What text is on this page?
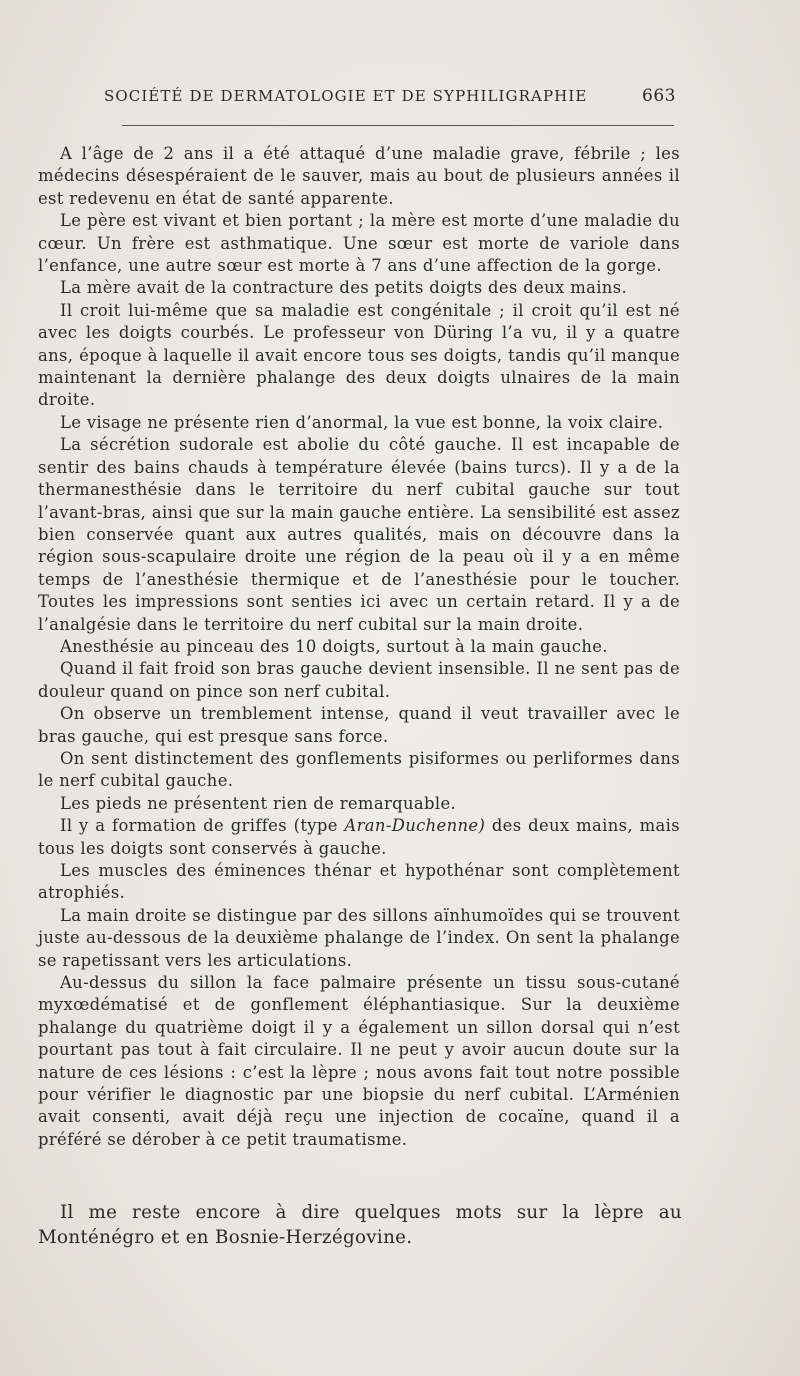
SOCIÉTÉ DE DERMATOLOGIE ET DE SYPHILIGRAPHIE	663

A l’âge de 2 ans il a été attaqué d’une maladie grave, fébrile ; les médecins désespéraient de le sauver, mais au bout de plusieurs années il est redevenu en état de santé apparente.

Le père est vivant et bien portant ; la mère est morte d’une maladie du cœur. Un frère est asthmatique. Une sœur est morte de variole dans l’enfance, une autre sœur est morte à 7 ans d’une affection de la gorge.

La mère avait de la contracture des petits doigts des deux mains.

Il croit lui-même que sa maladie est congénitale ; il croit qu’il est né avec les doigts courbés. Le professeur von Düring l’a vu, il y a quatre ans, époque à laquelle il avait encore tous ses doigts, tandis qu’il manque maintenant la dernière phalange des deux doigts ulnaires de la main droite.

Le visage ne présente rien d’anormal, la vue est bonne, la voix claire.

La sécrétion sudorale est abolie du côté gauche. Il est incapable de sentir des bains chauds à température élevée (bains turcs). Il y a de la thermanesthésie dans le territoire du nerf cubital gauche sur tout l’avant-bras, ainsi que sur la main gauche entière. La sensibilité est assez bien conservée quant aux autres qualités, mais on découvre dans la région sous-scapulaire droite une région de la peau où il y a en même temps de l’anesthésie thermique et de l’anesthésie pour le toucher. Toutes les impressions sont senties ici avec un certain retard. Il y a de l’analgésie dans le territoire du nerf cubital sur la main droite.

Anesthésie au pinceau des 10 doigts, surtout à la main gauche.

Quand il fait froid son bras gauche devient insensible. Il ne sent pas de douleur quand on pince son nerf cubital.

On observe un tremblement intense, quand il veut travailler avec le bras gauche, qui est presque sans force.

On sent distinctement des gonflements pisiformes ou perliformes dans le nerf cubital gauche.

Les pieds ne présentent rien de remarquable.

Il y a formation de griffes (type Aran-Duchenne) des deux mains, mais tous les doigts sont conservés à gauche.

Les muscles des éminences thénar et hypothénar sont complètement atrophiés.

La main droite se distingue par des sillons aïnhumoïdes qui se trouvent juste au-dessous de la deuxième phalange de l’index. On sent la phalange se rapetissant vers les articulations.

Au-dessus du sillon la face palmaire présente un tissu sous-cutané myxœdématisé et de gonflement éléphantiasique. Sur la deuxième phalange du quatrième doigt il y a également un sillon dorsal qui n’est pourtant pas tout à fait circulaire. Il ne peut y avoir aucun doute sur la nature de ces lésions : c’est la lèpre ; nous avons fait tout notre possible pour vérifier le diagnostic par une biopsie du nerf cubital. L’Arménien avait consenti, avait déjà reçu une injection de cocaïne, quand il a préféré se dérober à ce petit traumatisme.

Il me reste encore à dire quelques mots sur la lèpre au Monténégro et en Bosnie-Herzégovine.
